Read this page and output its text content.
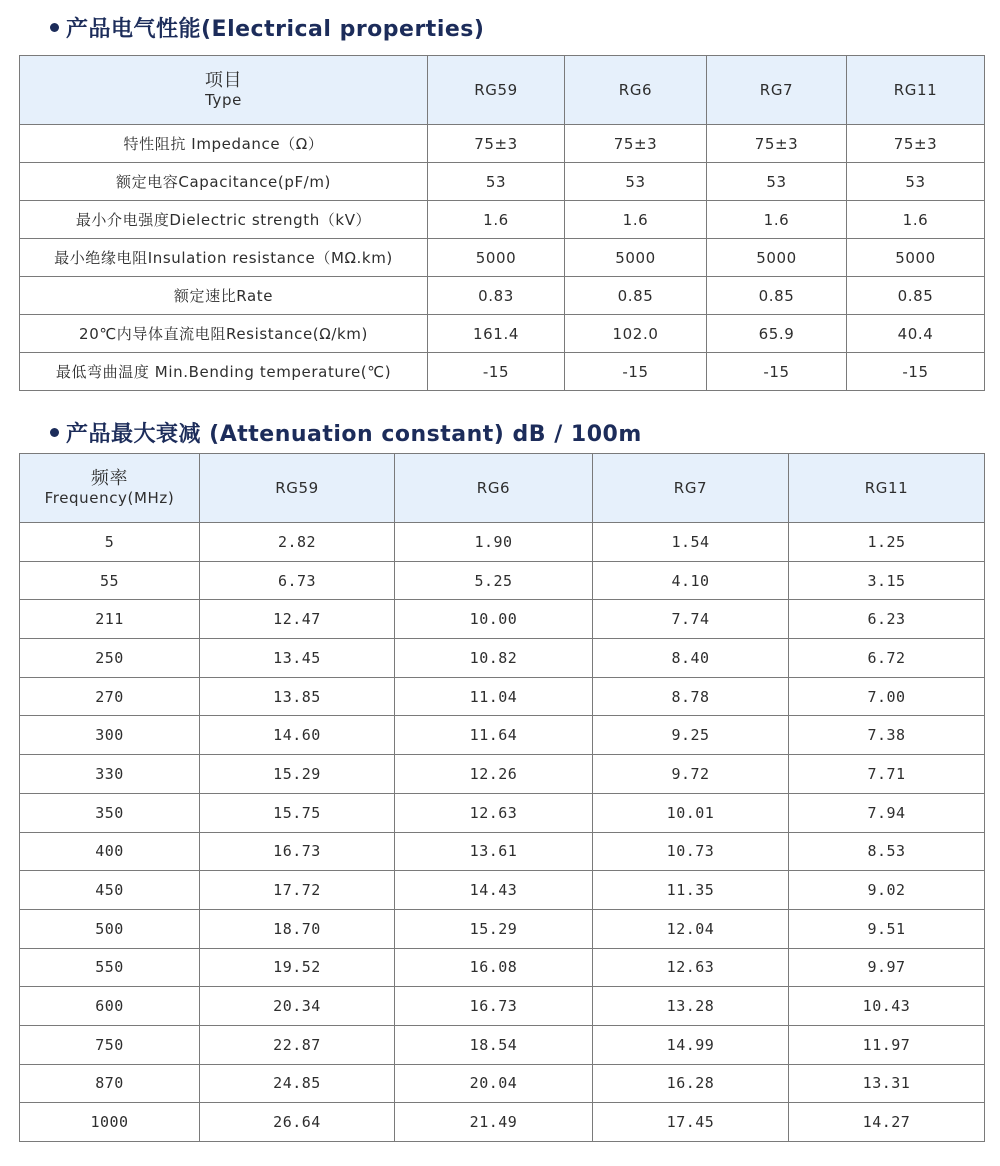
产品电气性能(Electrical properties)
项目
Type	RG59	RG6	RG7	RG11
特性阻抗 Impedance（Ω）	75±3	75±3	75±3	75±3
额定电容Capacitance(pF/m)	53	53	53	53
最小介电强度Dielectric strength（kV）	1.6	1.6	1.6	1.6
最小绝缘电阻Insulation resistance（MΩ.km)	5000	5000	5000	5000
额定速比Rate	0.83	0.85	0.85	0.85
20℃内导体直流电阻Resistance(Ω/km)	161.4	102.0	65.9	40.4
最低弯曲温度 Min.Bending temperature(℃)	-15	-15	-15	-15
产品最大衰减 (Attenuation constant) dB / 100m
频率
Frequency(MHz)	RG59	RG6	RG7	RG11
5	2.82	1.90	1.54	1.25
55	6.73	5.25	4.10	3.15
211	12.47	10.00	7.74	6.23
250	13.45	10.82	8.40	6.72
270	13.85	11.04	8.78	7.00
300	14.60	11.64	9.25	7.38
330	15.29	12.26	9.72	7.71
350	15.75	12.63	10.01	7.94
400	16.73	13.61	10.73	8.53
450	17.72	14.43	11.35	9.02
500	18.70	15.29	12.04	9.51
550	19.52	16.08	12.63	9.97
600	20.34	16.73	13.28	10.43
750	22.87	18.54	14.99	11.97
870	24.85	20.04	16.28	13.31
1000	26.64	21.49	17.45	14.27
